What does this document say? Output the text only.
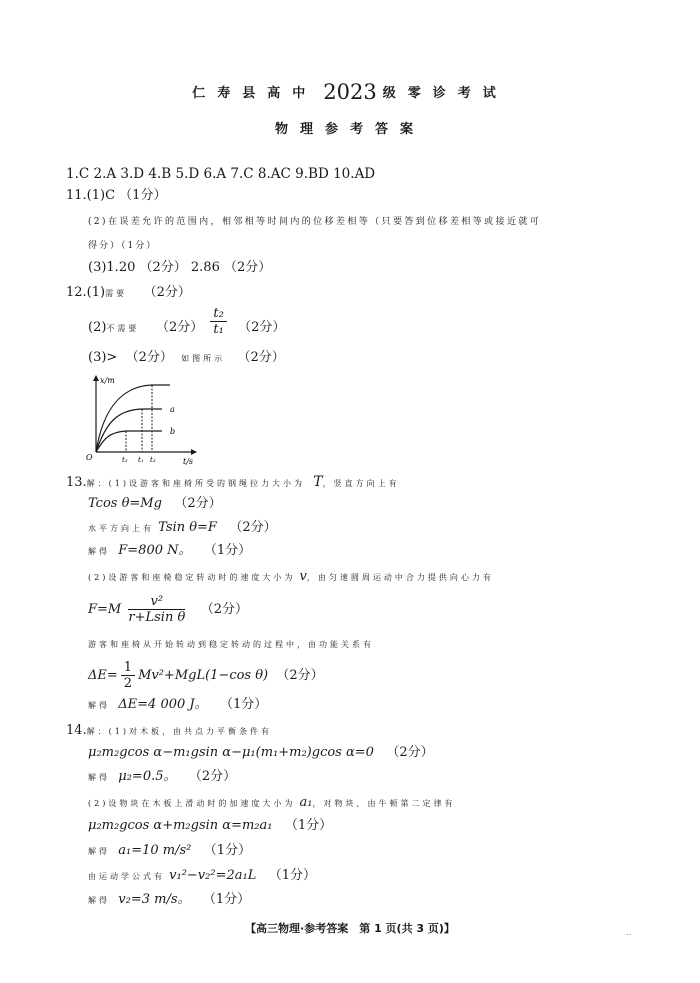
仁寿县高中 2023 级零诊考试
物理参考答案
1.C 2.A 3.D 4.B 5.D 6.A 7.C 8.AC 9.BD 10.AD
11.(1)C （1分）
(2)在误差允许的范围内，相邻相等时间内的位移差相等（只要答到位移差相等或接近就可
得分）（1分）
(3)1.20 （2分） 2.86 （2分）
12.(1)需要 （2分）
(2)不需要 （2分） $\frac{\text{t₂}}{\text{t₁}} (2$分）
(3)> （2分） 如图所示 （2分）
x/m
t/s
O
a
b
t₂ t₁ t₃
13.解：(1)设游客和座椅所受的钢绳拉力大小为 T，竖直方向上有
Tcos θ=Mg （2分）
水平方向上有 Tsin θ=F （2分）
解得 F=800 N。 （1分）
(2)设游客和座椅稳定转动时的速度大小为 v，由匀速圆周运动中合力提供向心力有
$F=M \frac{\text{v²}}{\text{r+Lsin θ}} (2$分）
游客和座椅从开始转动到稳定转动的过程中，由功能关系有
$\Delta E= \frac{1}{2} Mv^2+MgL(1-\cos$ θ) （2分）
解得 ΔE=4 000 J。 （1分）
14.解：(1)对木板，由共点力平衡条件有
μ₂m₂gcos α−m₁gsin α−μ₁(m₁+m₂)gcos α=0 （2分）
解得 μ₂=0.5。 （2分）
(2)设物块在木板上滑动时的加速度大小为 a₁，对物块，由牛顿第二定律有
μ₂m₂gcos α+m₂gsin α=m₂a₁ （1分）
解得 a₁=10 m/s² （1分）
由运动学公式有 v₁²−v₂²=2a₁L （1分）
解得 v₂=3 m/s。 （1分）
【高三物理·参考答案　第 1 页(共 3 页)】	‥
